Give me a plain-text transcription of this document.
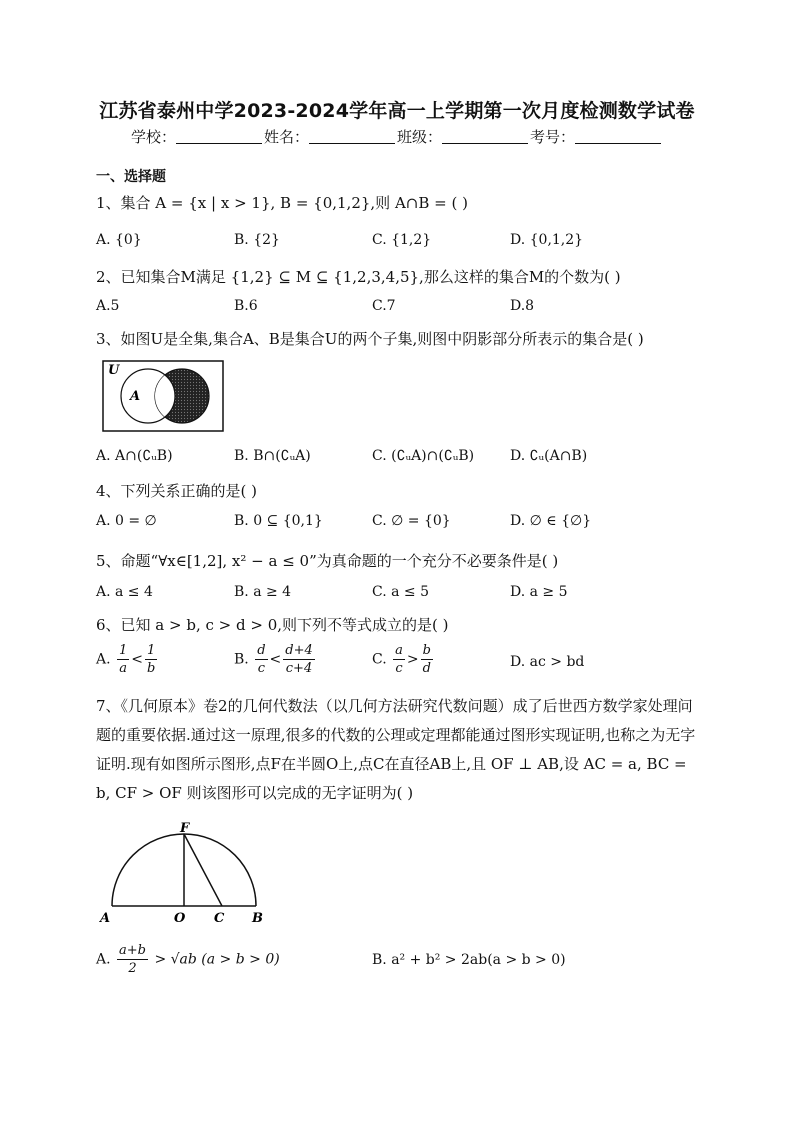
江苏省泰州中学2023-2024学年高一上学期第一次月度检测数学试卷
学校：	姓名：	班级：	考号：
一、选择题
1、集合 A = {x | x > 1}, B = {0,1,2},则 A∩B = ( )
A. {0}	B. {2}	C. {1,2}	D. {0,1,2}
2、已知集合M满足 {1,2} ⊆ M ⊆ {1,2,3,4,5},那么这样的集合M的个数为( )
A.5	B.6	C.7	D.8
3、如图U是全集,集合A、B是集合U的两个子集,则图中阴影部分所表示的集合是( )
U
A
A. A∩(∁ᵤB)	B. B∩(∁ᵤA)	C. (∁ᵤA)∩(∁ᵤB)	D. ∁ᵤ(A∩B)
4、下列关系正确的是( )
A. 0 = ∅	B. 0 ⊆ {0,1}	C. ∅ = {0}	D. ∅ ∈ {∅}
5、命题“∀x∈[1,2], x² − a ≤ 0”为真命题的一个充分不必要条件是( )
A. a ≤ 4	B. a ≥ 4	C. a ≤ 5	D. a ≥ 5
6、已知 a > b, c > d > 0,则下列不等式成立的是( )
A. $\frac{1}{a} < \frac{1}{b}$	B. $\frac{d}{c} < \frac{d+4}{c+4}$	C. $\frac{a}{c} > \frac{b}{d}$	D. ac > bd
7、《几何原本》卷2的几何代数法（以几何方法研究代数问题）成了后世西方数学家处理问题的重要依据.通过这一原理,很多的代数的公理或定理都能通过图形实现证明,也称之为无字证明.现有如图所示图形,点F在半圆O上,点C在直径AB上,且 OF ⊥ AB,设 AC = a, BC = b, CF > OF 则该图形可以完成的无字证明为( )
F
A	O C B
A. $\frac{a+b}{2} > √ab$ (a > b > 0)	B. a² + b² > 2ab(a > b > 0)
